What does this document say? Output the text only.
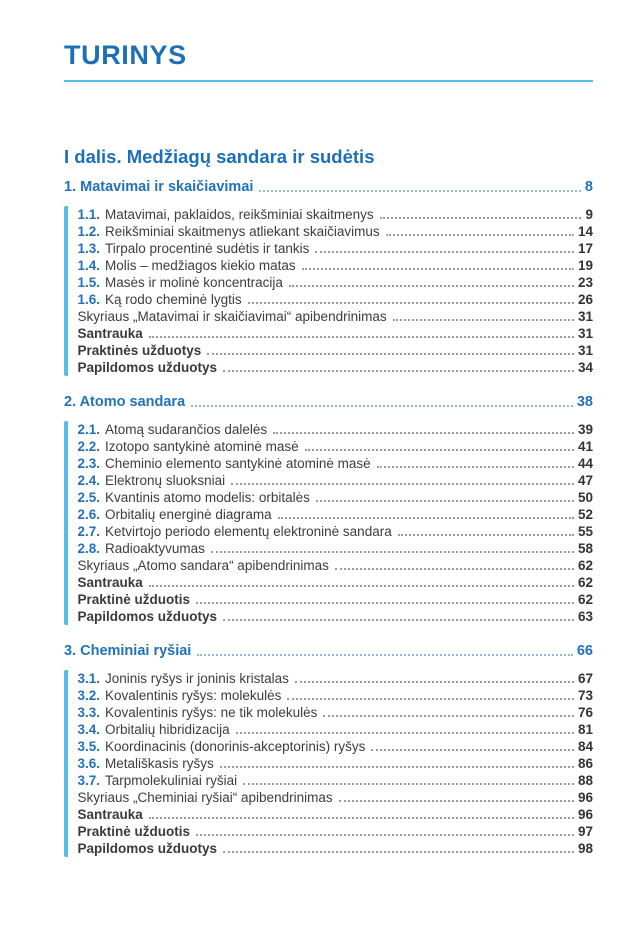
TURINYS
I dalis. Medžiagų sandara ir sudėtis
1. Matavimai ir skaičiavimai	8
1.1. Matavimai, paklaidos, reikšminiai skaitmenys	9
1.2. Reikšminiai skaitmenys atliekant skaičiavimus	14
1.3. Tirpalo procentinė sudėtis ir tankis	17
1.4. Molis – medžiagos kiekio matas	19
1.5. Masės ir molinė koncentracija	23
1.6. Ką rodo cheminė lygtis	26
Skyriaus „Matavimai ir skaičiavimai“ apibendrinimas	31
Santrauka	31
Praktinės užduotys	31
Papildomos užduotys	34
2. Atomo sandara	38
2.1. Atomą sudarančios dalelės	39
2.2. Izotopo santykinė atominė masė	41
2.3. Cheminio elemento santykinė atominė masė	44
2.4. Elektronų sluoksniai	47
2.5. Kvantinis atomo modelis: orbitalės	50
2.6. Orbitalių energinė diagrama	52
2.7. Ketvirtojo periodo elementų elektroninė sandara	55
2.8. Radioaktyvumas	58
Skyriaus „Atomo sandara“ apibendrinimas	62
Santrauka	62
Praktinė užduotis	62
Papildomos užduotys	63
3. Cheminiai ryšiai	66
3.1. Joninis ryšys ir joninis kristalas	67
3.2. Kovalentinis ryšys: molekulės	73
3.3. Kovalentinis ryšys: ne tik molekulės	76
3.4. Orbitalių hibridizacija	81
3.5. Koordinacinis (donorinis-akceptorinis) ryšys	84
3.6. Metališkasis ryšys	86
3.7. Tarpmolekuliniai ryšiai	88
Skyriaus „Cheminiai ryšiai“ apibendrinimas	96
Santrauka	96
Praktinė užduotis	97
Papildomos užduotys	98
